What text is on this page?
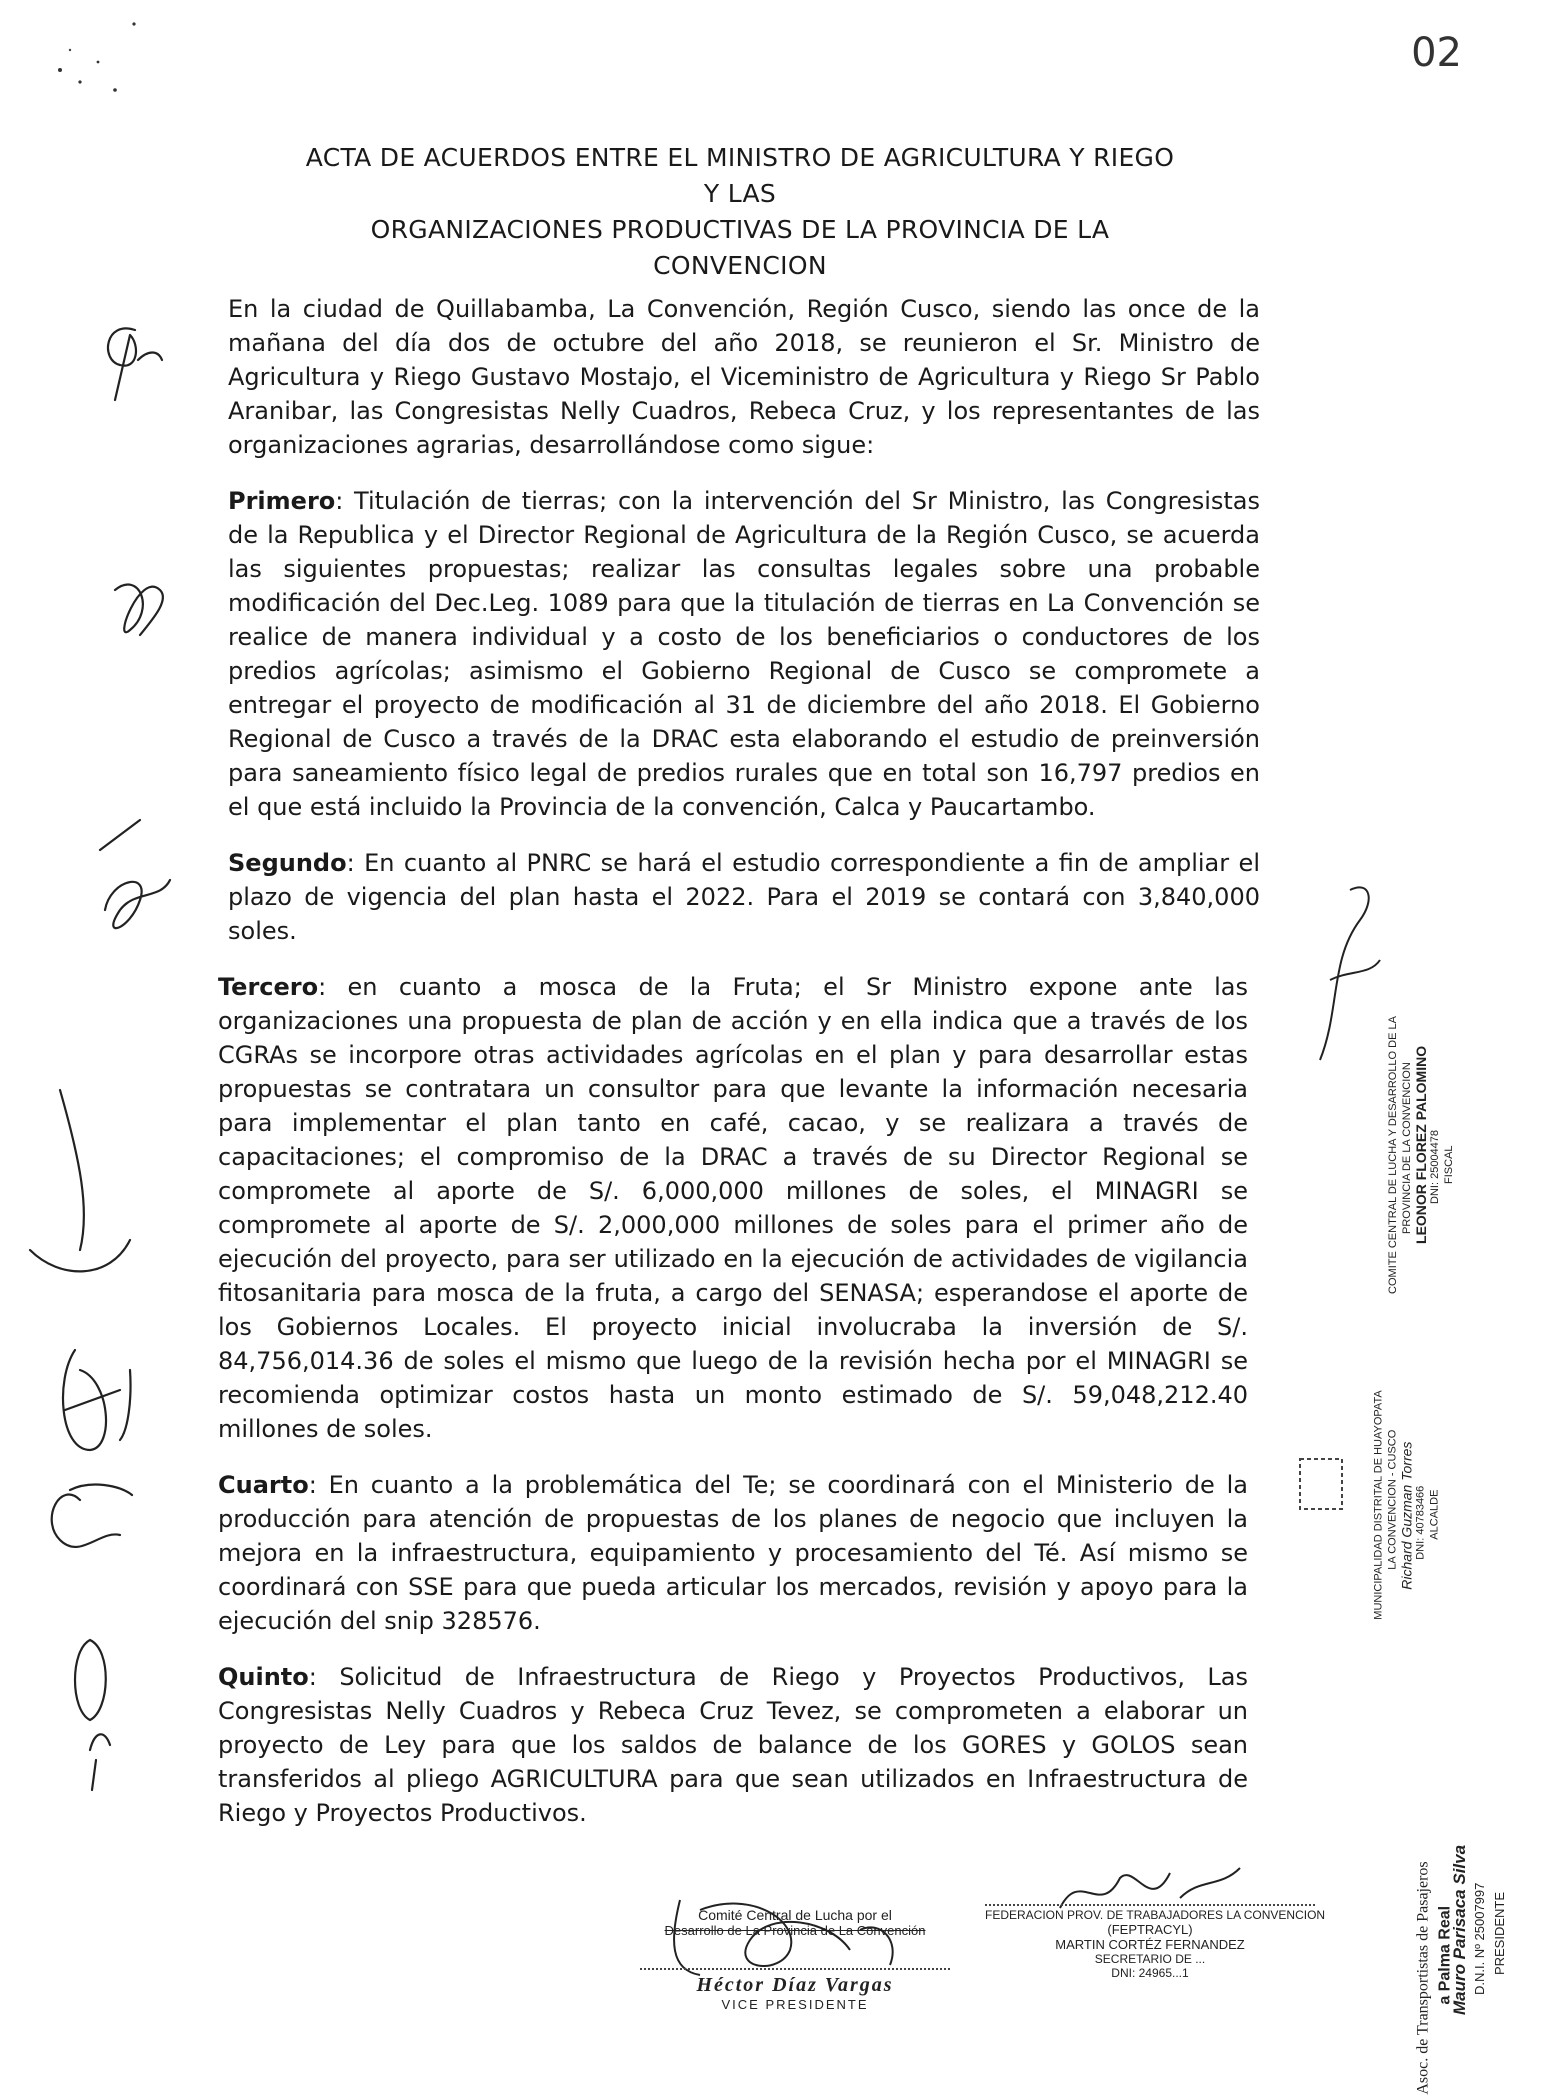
02
ACTA DE ACUERDOS ENTRE EL MINISTRO DE AGRICULTURA Y RIEGO Y LAS
ORGANIZACIONES PRODUCTIVAS DE LA PROVINCIA DE LA CONVENCION

En la ciudad de Quillabamba, La Convención, Región Cusco, siendo las once de la mañana del día dos de octubre del año 2018, se reunieron el Sr. Ministro de Agricultura y Riego Gustavo Mostajo, el Viceministro de Agricultura y Riego Sr Pablo Aranibar, las Congresistas Nelly Cuadros, Rebeca Cruz, y los representantes de las organizaciones agrarias, desarrollándose como sigue:

Primero: Titulación de tierras; con la intervención del Sr Ministro, las Congresistas de la Republica y el Director Regional de Agricultura de la Región Cusco, se acuerda las siguientes propuestas; realizar las consultas legales sobre una probable modificación del Dec.Leg. 1089 para que la titulación de tierras en La Convención se realice de manera individual y a costo de los beneficiarios o conductores de los predios agrícolas; asimismo el Gobierno Regional de Cusco se compromete a entregar el proyecto de modificación al 31 de diciembre del año 2018. El Gobierno Regional de Cusco a través de la DRAC esta elaborando el estudio de preinversión para saneamiento físico legal de predios rurales que en total son 16,797 predios en el que está incluido la Provincia de la convención, Calca y Paucartambo.

Segundo: En cuanto al PNRC se hará el estudio correspondiente a fin de ampliar el plazo de vigencia del plan hasta el 2022. Para el 2019 se contará con 3,840,000 soles.

Tercero: en cuanto a mosca de la Fruta; el Sr Ministro expone ante las organizaciones una propuesta de plan de acción y en ella indica que a través de los CGRAs se incorpore otras actividades agrícolas en el plan y para desarrollar estas propuestas se contratara un consultor para que levante la información necesaria para implementar el plan tanto en café, cacao, y se realizara a través de capacitaciones; el compromiso de la DRAC a través de su Director Regional se compromete al aporte de S/. 6,000,000 millones de soles, el MINAGRI se compromete al aporte de S/. 2,000,000 millones de soles para el primer año de ejecución del proyecto, para ser utilizado en la ejecución de actividades de vigilancia fitosanitaria para mosca de la fruta, a cargo del SENASA; esperandose el aporte de los Gobiernos Locales. El proyecto inicial involucraba la inversión de S/. 84,756,014.36 de soles el mismo que luego de la revisión hecha por el MINAGRI se recomienda optimizar costos hasta un monto estimado de S/. 59,048,212.40 millones de soles.

Cuarto: En cuanto a la problemática del Te; se coordinará con el Ministerio de la producción para atención de propuestas de los planes de negocio que incluyen la mejora en la infraestructura, equipamiento y procesamiento del Té. Así mismo se coordinará con SSE para que pueda articular los mercados, revisión y apoyo para la ejecución del snip 328576.

Quinto: Solicitud de Infraestructura de Riego y Proyectos Productivos, Las Congresistas Nelly Cuadros y Rebeca Cruz Tevez, se comprometen a elaborar un proyecto de Ley para que los saldos de balance de los GORES y GOLOS sean transferidos al pliego AGRICULTURA para que sean utilizados en Infraestructura de Riego y Proyectos Productivos.

COMITE CENTRAL DE LUCHA Y DESARROLLO DE LA PROVINCIA DE LA CONVENCION LEONOR FLOREZ PALOMINO DNI: 25004478 FISCAL
MUNICIPALIDAD DISTRITAL DE HUAYOPATA LA CONVENCION - CUSCO Richard Guzman Torres DNI: 40783466 ALCALDE
Asoc. de Transportistas de Pasajeros a Palma Real
Mauro Parisaca Silva D.N.I. Nº 25007997 PRESIDENTE
Comité Central de Lucha por el
Desarrollo de La Provincia de La Convención
Héctor Díaz Vargas
VICE PRESIDENTE
FEDERACION PROV. DE TRABAJADORES LA CONVENCION
(FEPTRACYL)
MARTIN CORTÉZ FERNANDEZ
SECRETARIO DE ...
DNI: 24965...1
